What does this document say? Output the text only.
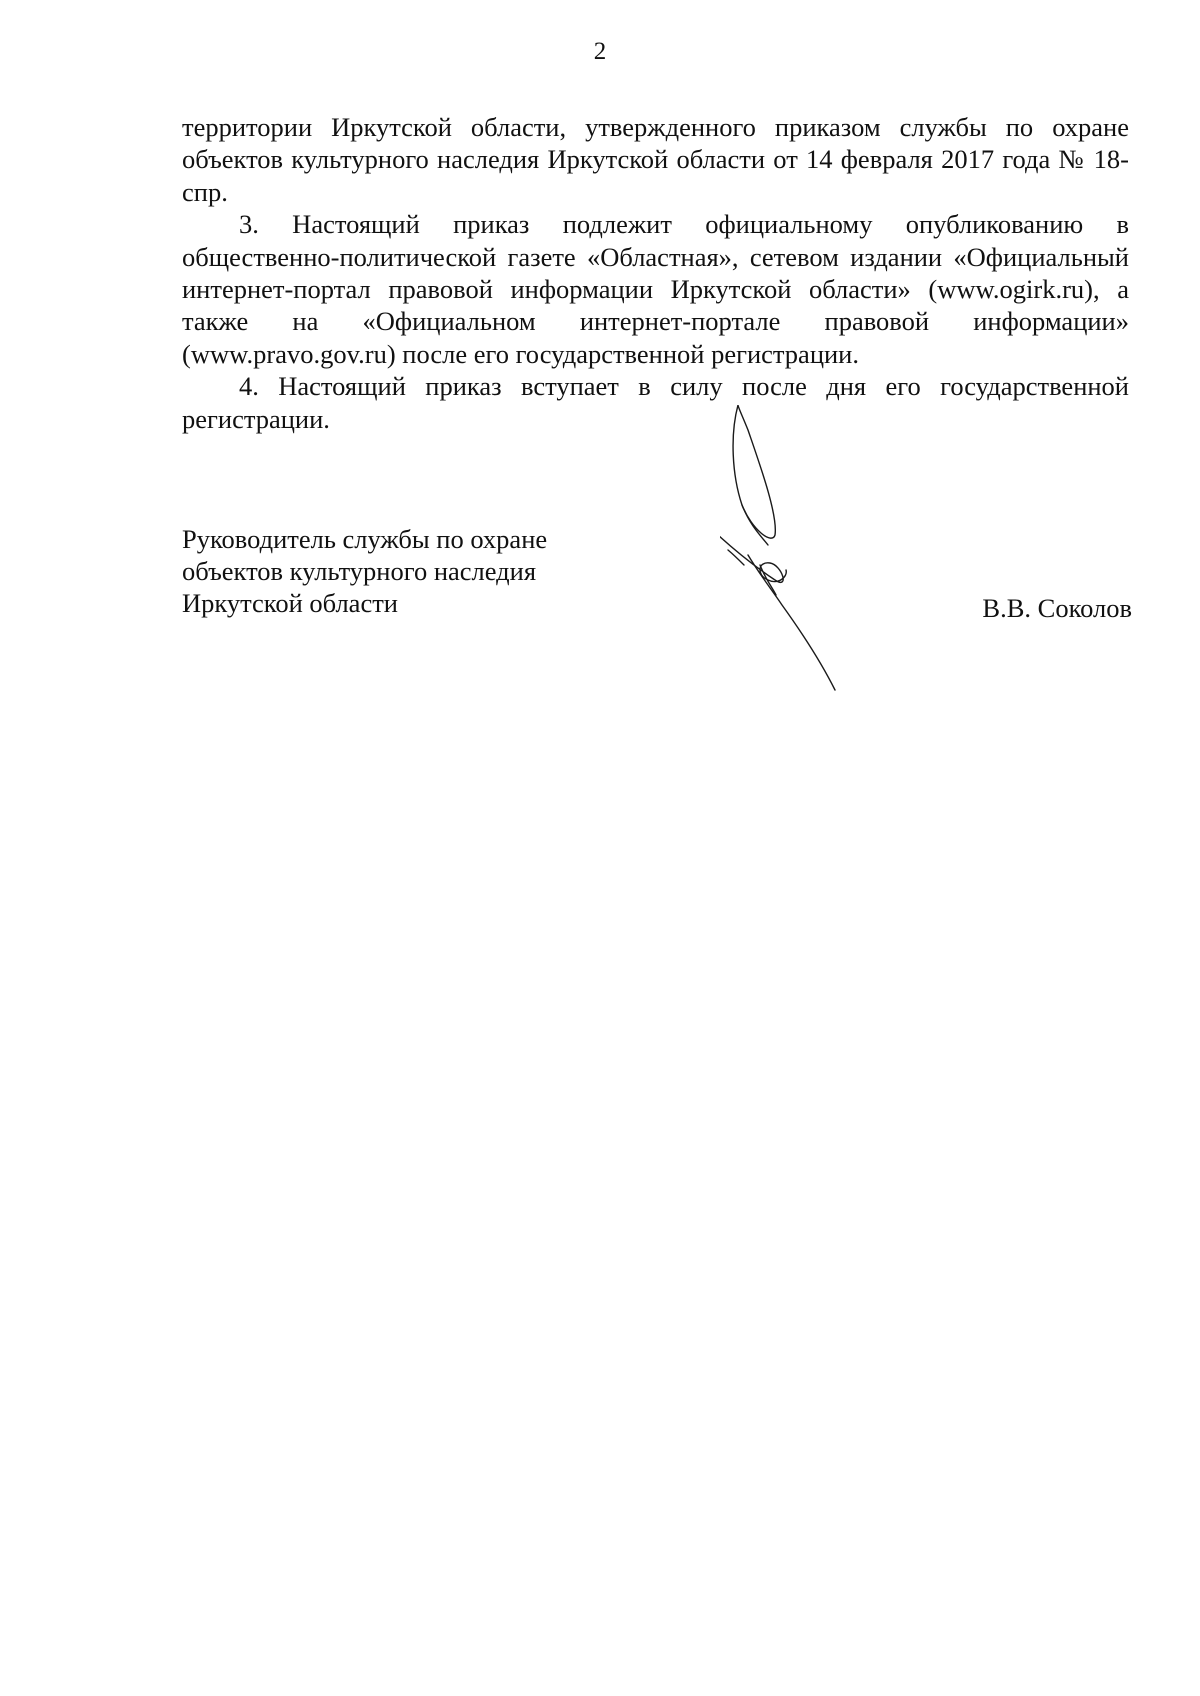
2

территории Иркутской области, утвержденного приказом службы по охране объектов культурного наследия Иркутской области от 14 февраля 2017 года № 18-спр.

3. Настоящий приказ подлежит официальному опубликованию в общественно-политической газете «Областная», сетевом издании «Официальный интернет-портал правовой информации Иркутской области» (www.ogirk.ru), а также на «Официальном интернет-портале правовой информации» (www.pravo.gov.ru) после его государственной регистрации.

4. Настоящий приказ вступает в силу после дня его государственной регистрации.

Руководитель службы по охране
объектов культурного наследия
Иркутской области	В.В. Соколов
